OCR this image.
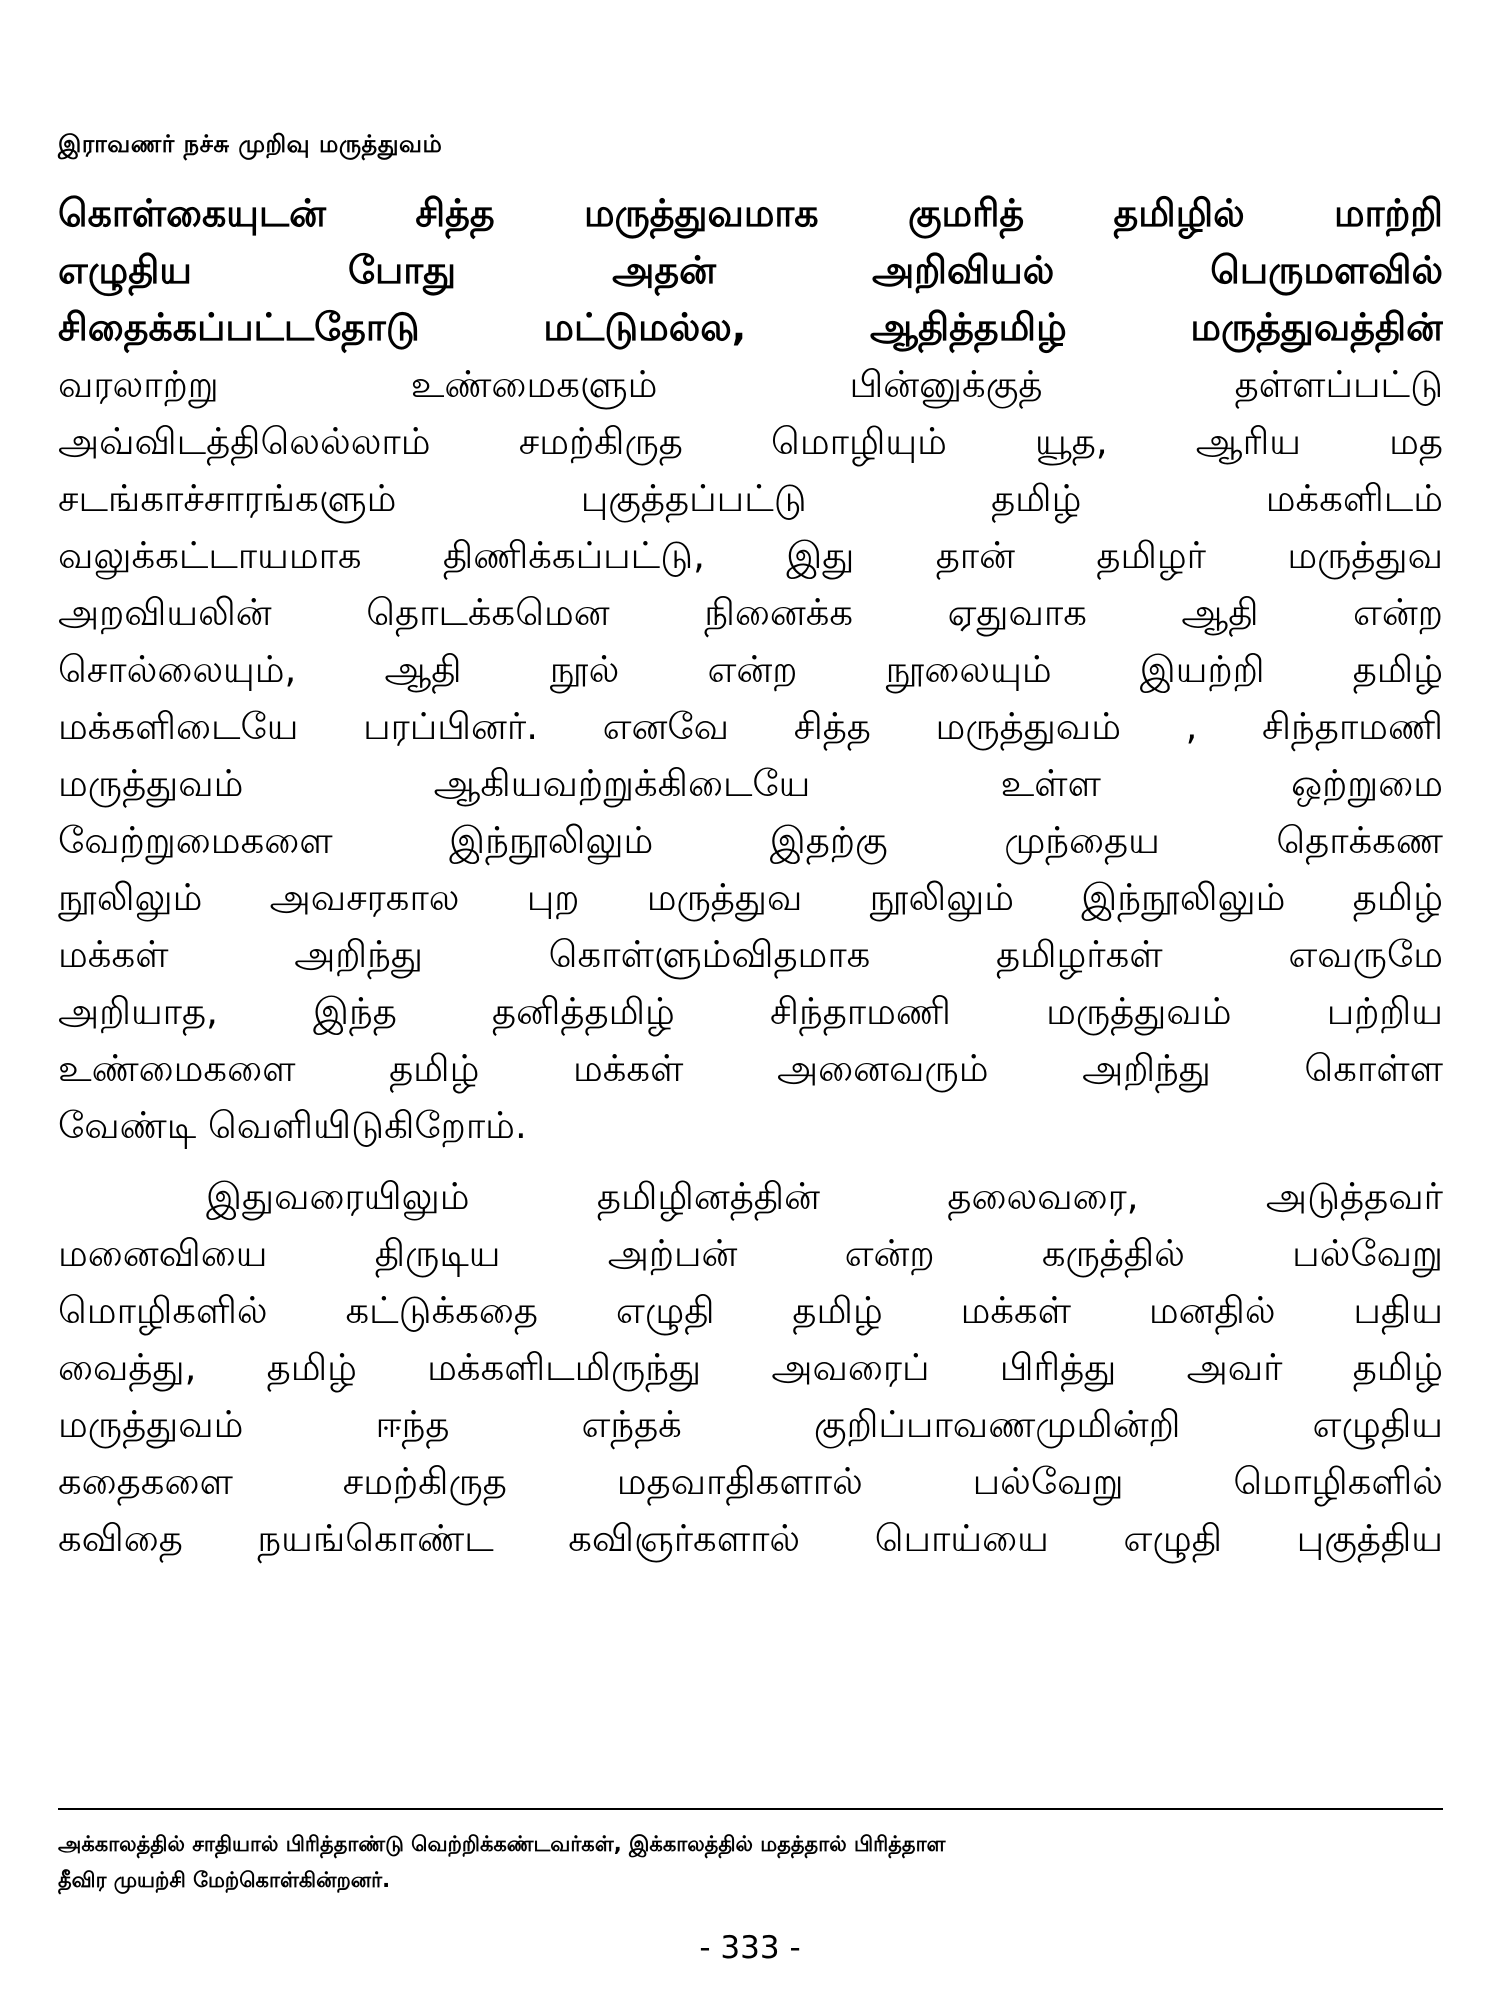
இராவணர் நச்சு முறிவு மருத்துவம்
கொள்கையுடன் சித்த மருத்துவமாக குமரித் தமிழில் மாற்றி
எழுதிய போது அதன் அறிவியல் பெருமளவில்
சிதைக்கப்பட்டதோடு மட்டுமல்ல, ஆதித்தமிழ் மருத்துவத்தின்
வரலாற்று உண்மைகளும் பின்னுக்குத் தள்ளப்பட்டு
அவ்விடத்திலெல்லாம் சமற்கிருத மொழியும் யூத, ஆரிய மத
சடங்காச்சாரங்களும் புகுத்தப்பட்டு தமிழ் மக்களிடம்
வலுக்கட்டாயமாக திணிக்கப்பட்டு, இது தான் தமிழர் மருத்துவ
அறவியலின் தொடக்கமென நினைக்க ஏதுவாக ஆதி என்ற
சொல்லையும், ஆதி நூல் என்ற நூலையும் இயற்றி தமிழ்
மக்களிடையே பரப்பினர். எனவே சித்த மருத்துவம் , சிந்தாமணி
மருத்துவம் ஆகியவற்றுக்கிடையே உள்ள ஒற்றுமை
வேற்றுமைகளை இந்நூலிலும் இதற்கு முந்தைய தொக்கண
நூலிலும் அவசரகால புற மருத்துவ நூலிலும் இந்நூலிலும் தமிழ்
மக்கள் அறிந்து கொள்ளும்விதமாக தமிழர்கள் எவருமே
அறியாத, இந்த தனித்தமிழ் சிந்தாமணி மருத்துவம் பற்றிய
உண்மைகளை தமிழ் மக்கள் அனைவரும் அறிந்து கொள்ள
வேண்டி வெளியிடுகிறோம்.
இதுவரையிலும் தமிழினத்தின் தலைவரை, அடுத்தவர்
மனைவியை திருடிய அற்பன் என்ற கருத்தில் பல்வேறு
மொழிகளில் கட்டுக்கதை எழுதி தமிழ் மக்கள் மனதில் பதிய
வைத்து, தமிழ் மக்களிடமிருந்து அவரைப் பிரித்து அவர் தமிழ்
மருத்துவம் ஈந்த எந்தக் குறிப்பாவணமுமின்றி எழுதிய
கதைகளை சமற்கிருத மதவாதிகளால் பல்வேறு மொழிகளில்
கவிதை நயங்கொண்ட கவிஞர்களால் பொய்யை எழுதி புகுத்திய
அக்காலத்தில் சாதியால் பிரித்தாண்டு வெற்றிக்கண்டவர்கள், இக்காலத்தில் மதத்தால் பிரித்தாள
தீவிர முயற்சி மேற்கொள்கின்றனர்.
- 333 -
